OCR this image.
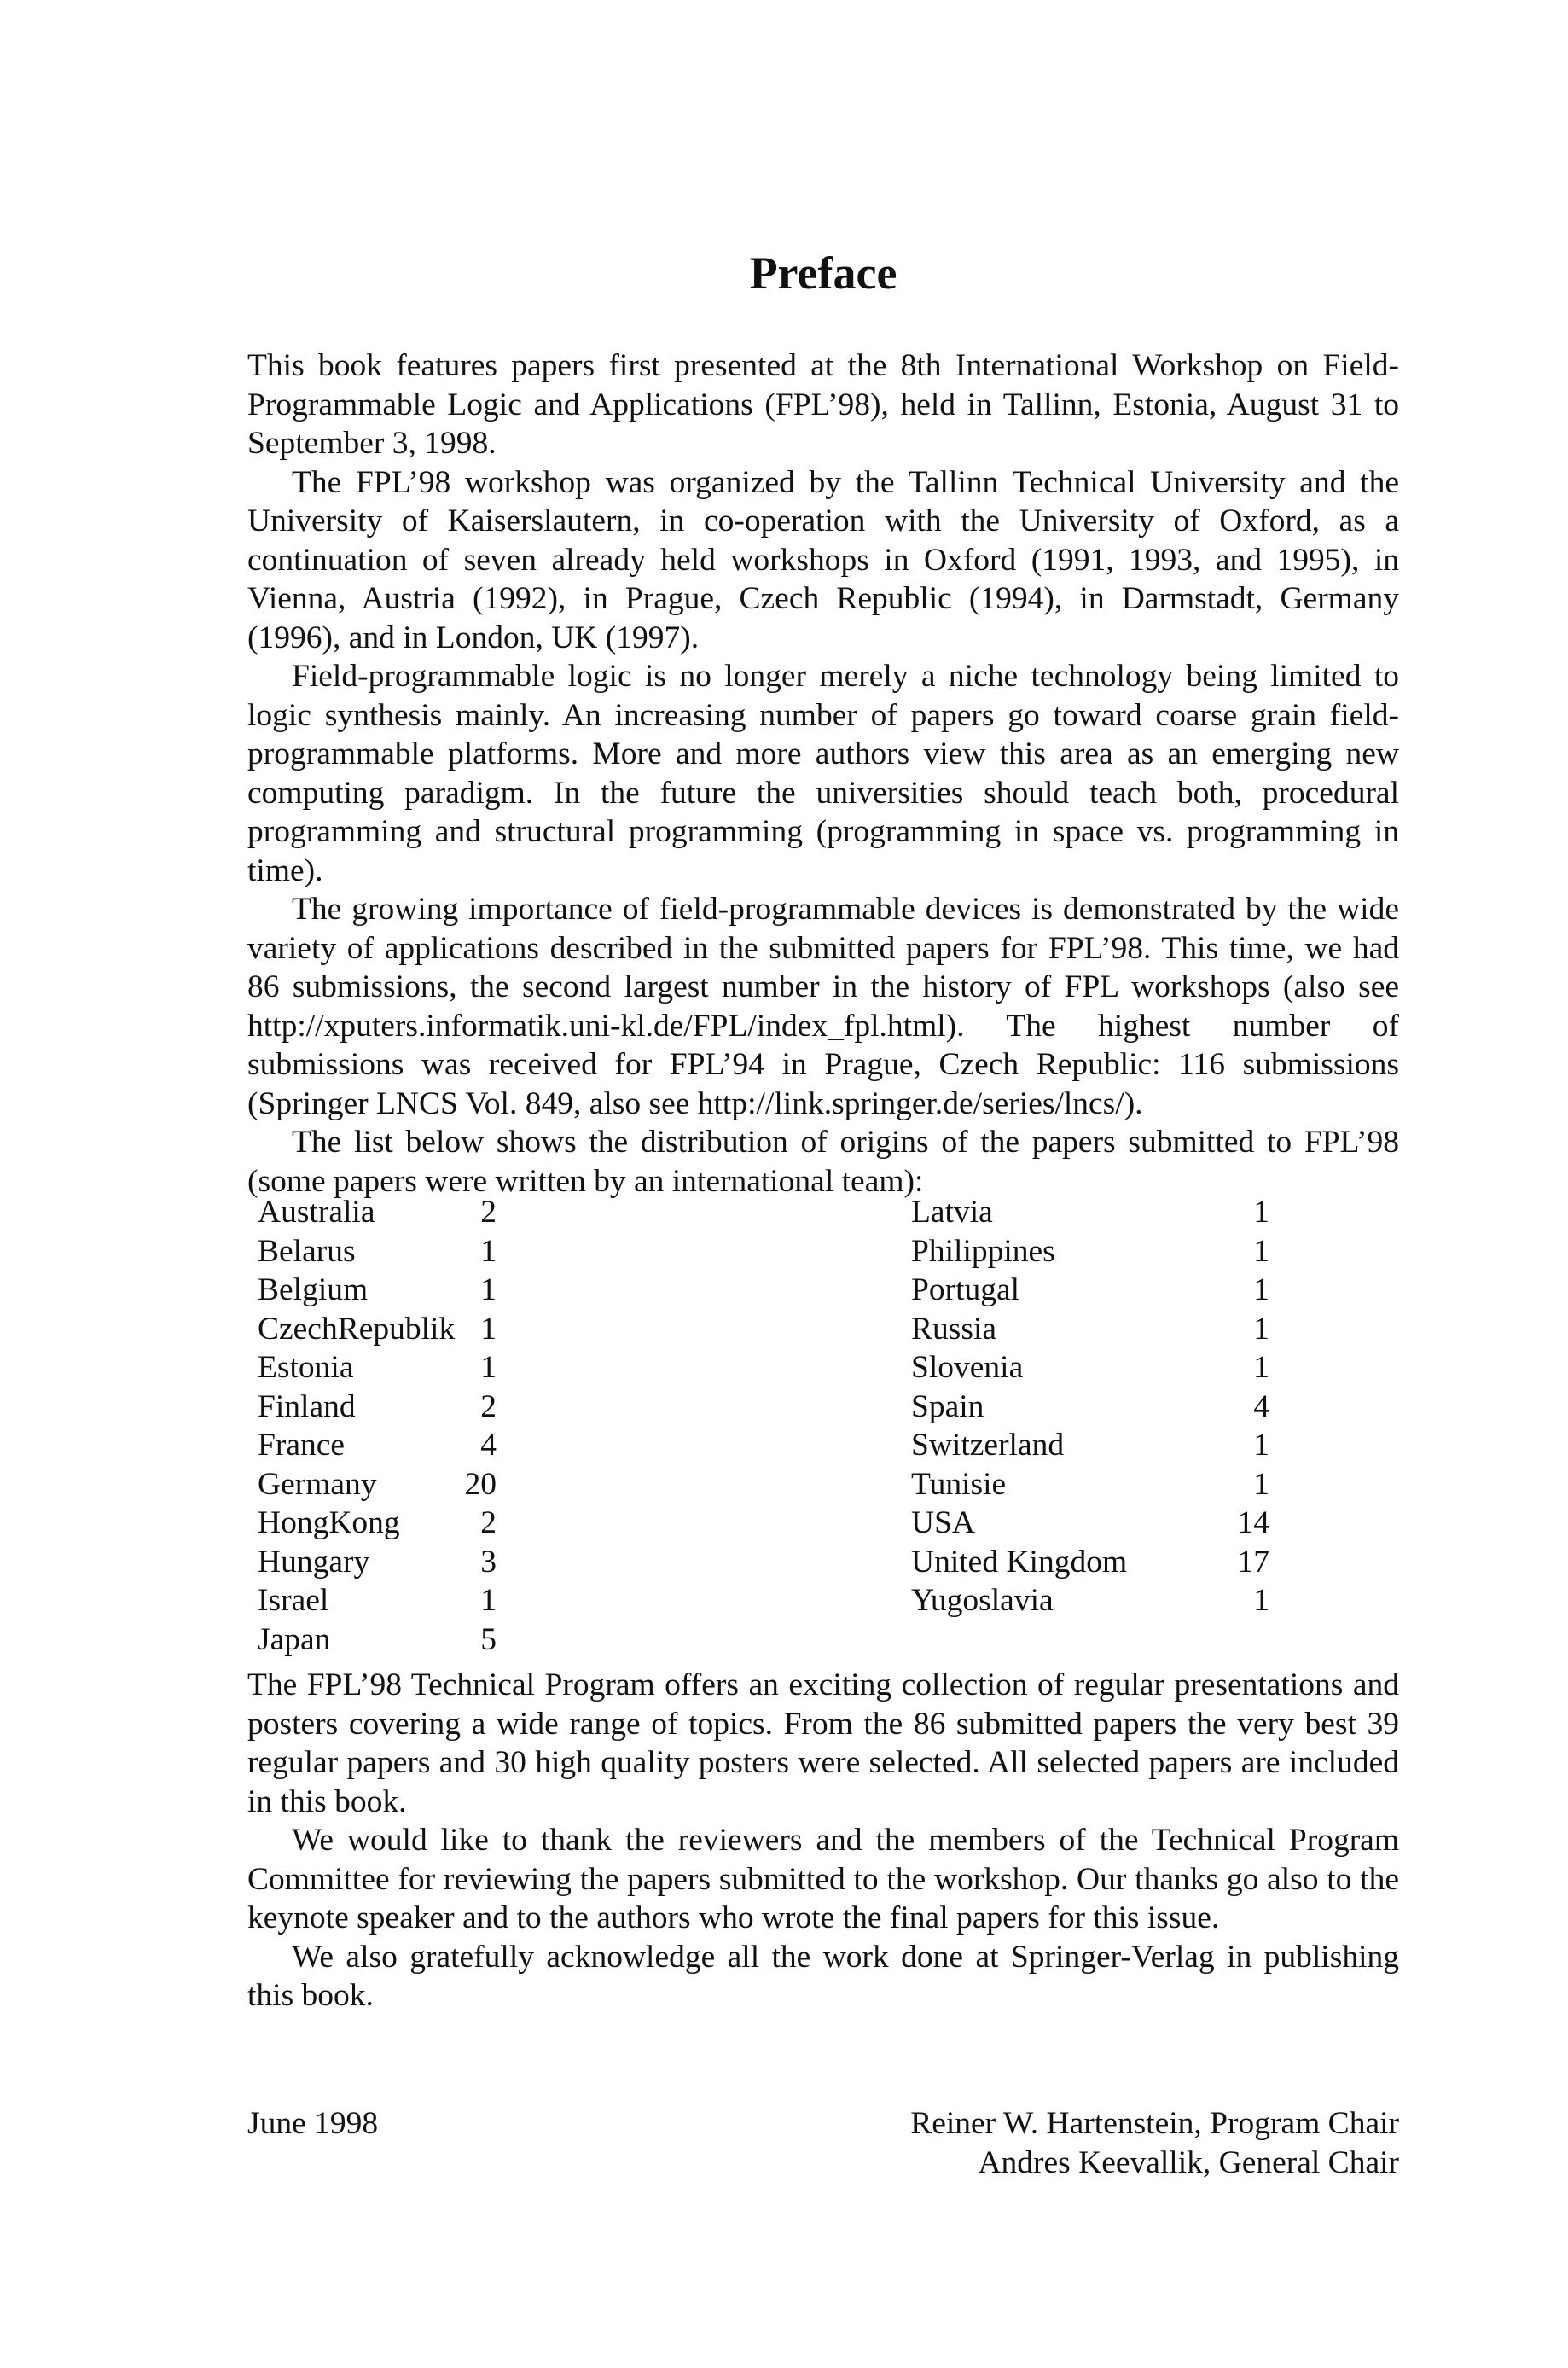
Preface

This book features papers first presented at the 8th International Workshop on Field-Programmable Logic and Applications (FPL’98), held in Tallinn, Estonia, August 31 to September 3, 1998.

The FPL’98 workshop was organized by the Tallinn Technical University and the University of Kaiserslautern, in co-operation with the University of Oxford, as a continuation of seven already held workshops in Oxford (1991, 1993, and 1995), in Vienna, Austria (1992), in Prague, Czech Republic (1994), in Darmstadt, Germany (1996), and in London, UK (1997).

Field-programmable logic is no longer merely a niche technology being limited to logic synthesis mainly. An increasing number of papers go toward coarse grain field-programmable platforms. More and more authors view this area as an emerging new computing paradigm. In the future the universities should teach both, procedural programming and structural programming (programming in space vs. programming in time).

The growing importance of field-programmable devices is demonstrated by the wide variety of applications described in the submitted papers for FPL’98. This time, we had 86 submissions, the second largest number in the history of FPL workshops (also see http://xputers.informatik.uni-kl.de/FPL/index_fpl.html). The highest number of submissions was received for FPL’94 in Prague, Czech Republic: 116 submissions (Springer LNCS Vol. 849, also see http://link.springer.de/series/lncs/).

The list below shows the distribution of origins of the papers submitted to FPL’98 (some papers were written by an international team):

Australia	2
Belarus	1
Belgium	1
CzechRepublik 1
Estonia	1
Finland	2
France	4
Germany	20
HongKong	2
Hungary	3
Israel	1
Japan	5
Latvia	1
Philippines	1
Portugal	1
Russia	1
Slovenia	1
Spain	4
Switzerland	1
Tunisie	1
USA	14
United Kingdom	17
Yugoslavia	1

The FPL’98 Technical Program offers an exciting collection of regular presentations and posters covering a wide range of topics. From the 86 submitted papers the very best 39 regular papers and 30 high quality posters were selected. All selected papers are included in this book.

We would like to thank the reviewers and the members of the Technical Program Committee for reviewing the papers submitted to the workshop. Our thanks go also to the keynote speaker and to the authors who wrote the final papers for this issue.

We also gratefully acknowledge all the work done at Springer-Verlag in publishing this book.

June 1998	Reiner W. Hartenstein, Program Chair
Andres Keevallik, General Chair
